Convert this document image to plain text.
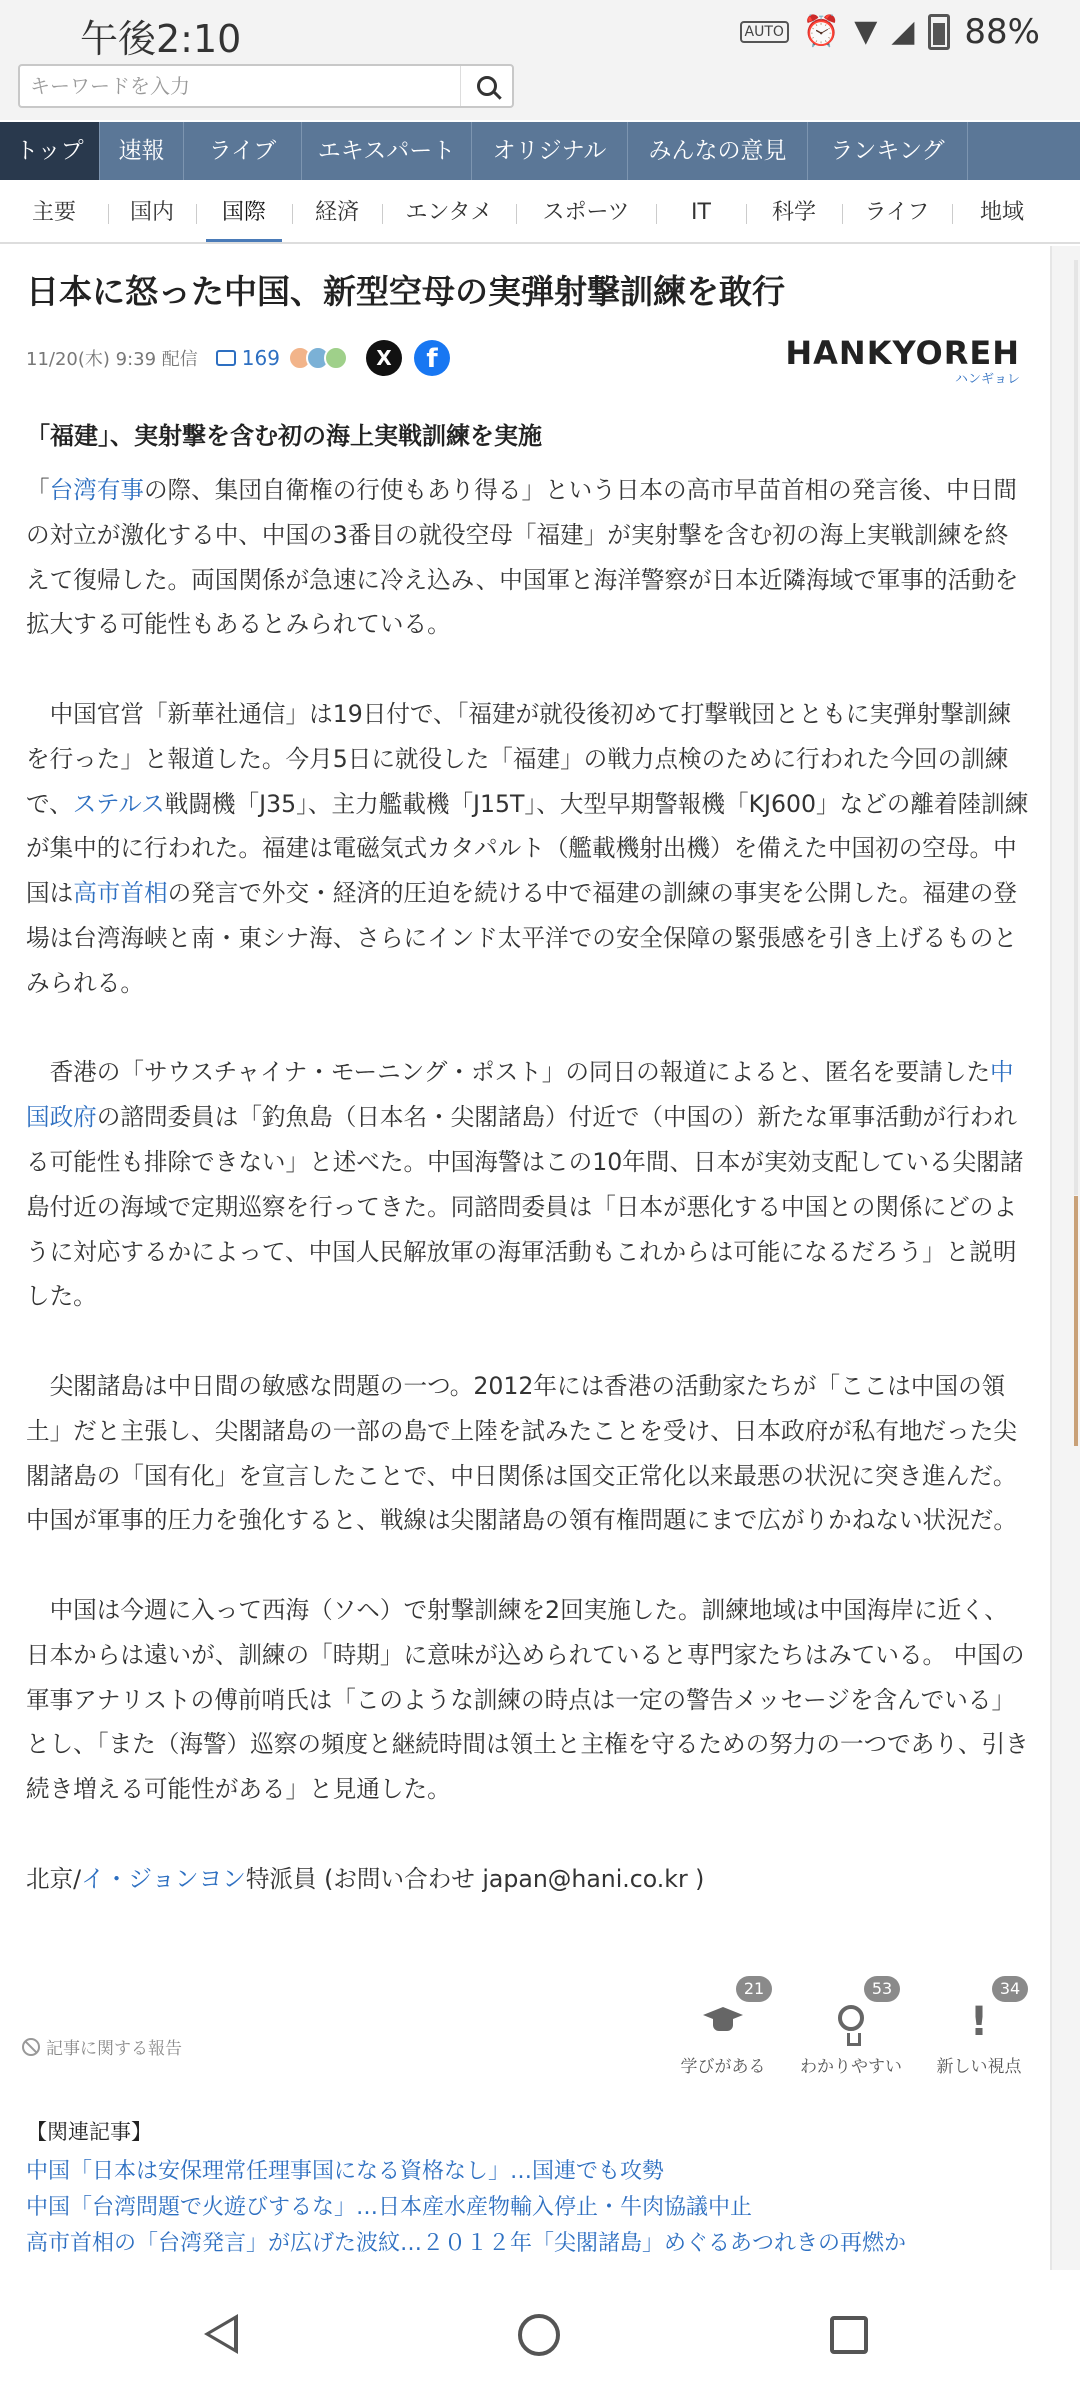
午後2:10	AUTO ⏰ ▼ ◢ 88%
キーワードを入力
トップ	速報	ライブ	エキスパート	オリジナル	みんなの意見	ランキング
主要	国内	国際	経済	エンタメ	スポーツ	IT	科学	ライフ	地域
日本に怒った中国、新型空母の実弾射撃訓練を敢行
11/20(木) 9:39 配信 169	X	f	HANKYOREH
ハンギョレ
「福建」、実射撃を含む初の海上実戦訓練を実施

「台湾有事の際、集団自衛権の行使もあり得る」という日本の高市早苗首相の発言後、中日間の対立が激化する中、中国の3番目の就役空母「福建」が実射撃を含む初の海上実戦訓練を終えて復帰した。両国関係が急速に冷え込み、中国軍と海洋警察が日本近隣海域で軍事的活動を拡大する可能性もあるとみられている。

　中国官営「新華社通信」は19日付で、「福建が就役後初めて打撃戦団とともに実弾射撃訓練を行った」と報道した。今月5日に就役した「福建」の戦力点検のために行われた今回の訓練で、ステルス戦闘機「J35」、主力艦載機「J15T」、大型早期警報機「KJ600」などの離着陸訓練が集中的に行われた。福建は電磁気式カタパルト（艦載機射出機）を備えた中国初の空母。中国は高市首相の発言で外交・経済的圧迫を続ける中で福建の訓練の事実を公開した。福建の登場は台湾海峡と南・東シナ海、さらにインド太平洋での安全保障の緊張感を引き上げるものとみられる。

　香港の「サウスチャイナ・モーニング・ポスト」の同日の報道によると、匿名を要請した中国政府の諮問委員は「釣魚島（日本名・尖閣諸島）付近で（中国の）新たな軍事活動が行われる可能性も排除できない」と述べた。中国海警はこの10年間、日本が実効支配している尖閣諸島付近の海域で定期巡察を行ってきた。同諮問委員は「日本が悪化する中国との関係にどのように対応するかによって、中国人民解放軍の海軍活動もこれからは可能になるだろう」と説明した。

　尖閣諸島は中日間の敏感な問題の一つ。2012年には香港の活動家たちが「ここは中国の領土」だと主張し、尖閣諸島の一部の島で上陸を試みたことを受け、日本政府が私有地だった尖閣諸島の「国有化」を宣言したことで、中日関係は国交正常化以来最悪の状況に突き進んだ。中国が軍事的圧力を強化すると、戦線は尖閣諸島の領有権問題にまで広がりかねない状況だ。

　中国は今週に入って西海（ソヘ）で射撃訓練を2回実施した。訓練地域は中国海岸に近く、日本からは遠いが、訓練の「時期」に意味が込められていると専門家たちはみている。 中国の軍事アナリストの傅前哨氏は「このような訓練の時点は一定の警告メッセージを含んでいる」とし、「また（海警）巡察の頻度と継続時間は領土と主権を守るための努力の一つであり、引き続き増える可能性がある」と見通した。

北京/イ・ジョンヨン特派員 (お問い合わせ japan@hani.co.kr )

記事に関する報告
21
学びがある
53
わかりやすい
34
!
新しい視点
【関連記事】
中国「日本は安保理常任理事国になる資格なし」…国連でも攻勢
中国「台湾問題で火遊びするな」…日本産水産物輸入停止・牛肉協議中止
高市首相の「台湾発言」が広げた波紋…２０１２年「尖閣諸島」めぐるあつれきの再燃か
